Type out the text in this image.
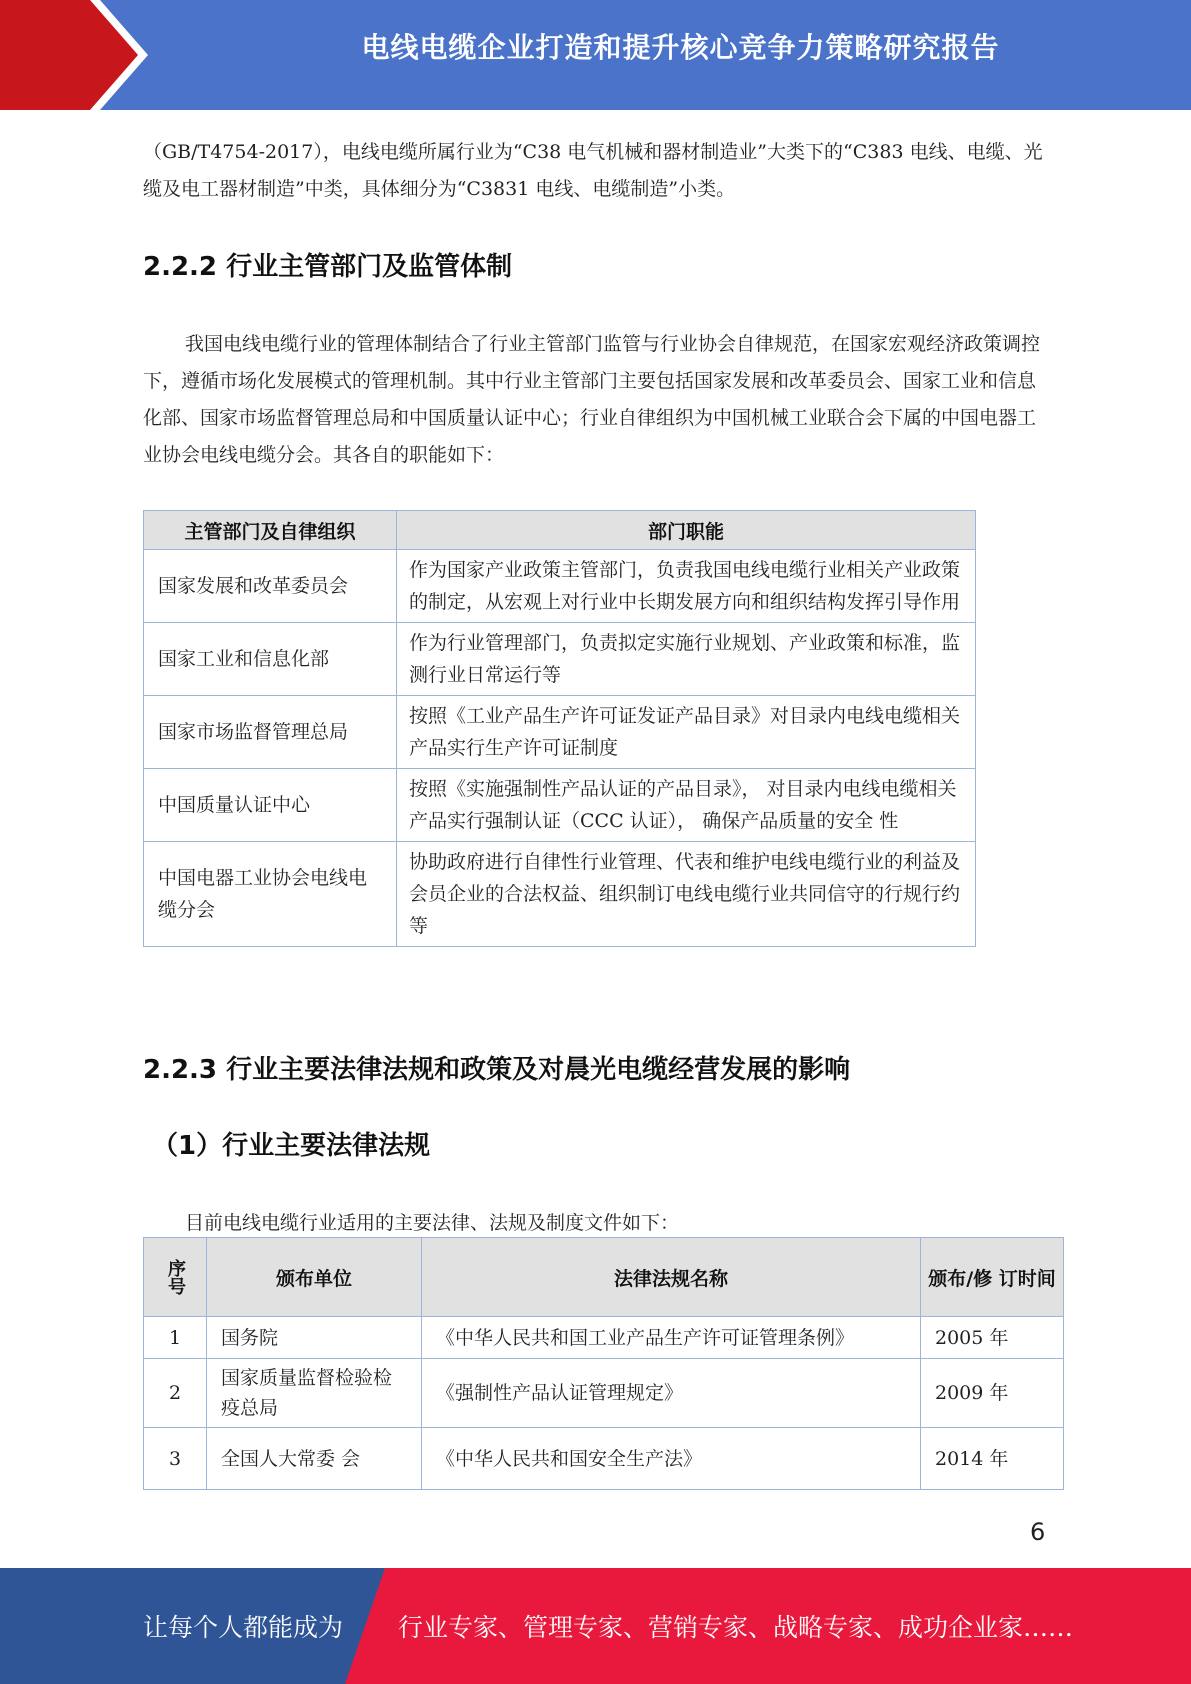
电线电缆企业打造和提升核心竞争力策略研究报告

（GB/T4754-2017），电线电缆所属行业为“C38 电气机械和器材制造业”大类下的“C383 电线、电缆、光缆及电工器材制造”中类，具体细分为“C3831 电线、电缆制造”小类。

2.2.2 行业主管部门及监管体制

我国电线电缆行业的管理体制结合了行业主管部门监管与行业协会自律规范，在国家宏观经济政策调控下，遵循市场化发展模式的管理机制。其中行业主管部门主要包括国家发展和改革委员会、国家工业和信息化部、国家市场监督管理总局和中国质量认证中心；行业自律组织为中国机械工业联合会下属的中国电器工业协会电线电缆分会。其各自的职能如下：

主管部门及自律组织	部门职能
国家发展和改革委员会	作为国家产业政策主管部门，负责我国电线电缆行业相关产业政策的制定，从宏观上对行业中长期发展方向和组织结构发挥引导作用
国家工业和信息化部	作为行业管理部门，负责拟定实施行业规划、产业政策和标准，监测行业日常运行等
国家市场监督管理总局	按照《工业产品生产许可证发证产品目录》对目录内电线电缆相关产品实行生产许可证制度
中国质量认证中心	按照《实施强制性产品认证的产品目录》， 对目录内电线电缆相关产品实行强制认证（CCC 认证）， 确保产品质量的安全 性
中国电器工业协会电线电缆分会	协助政府进行自律性行业管理、代表和维护电线电缆行业的利益及会员企业的合法权益、组织制订电线电缆行业共同信守的行规行约等
2.2.3 行业主要法律法规和政策及对晨光电缆经营发展的影响
（1）行业主要法律法规
目前电线电缆行业适用的主要法律、法规及制度文件如下：
序号	颁布单位	法律法规名称	颁布/修 订时间
1	国务院	《中华人民共和国工业产品生产许可证管理条例》	2005 年
2	国家质量监督检验检疫总局	《强制性产品认证管理规定》	2009 年
3	全国人大常委 会	《中华人民共和国安全生产法》	2014 年
6
让每个人都能成为 行业专家、管理专家、营销专家、战略专家、成功企业家……
